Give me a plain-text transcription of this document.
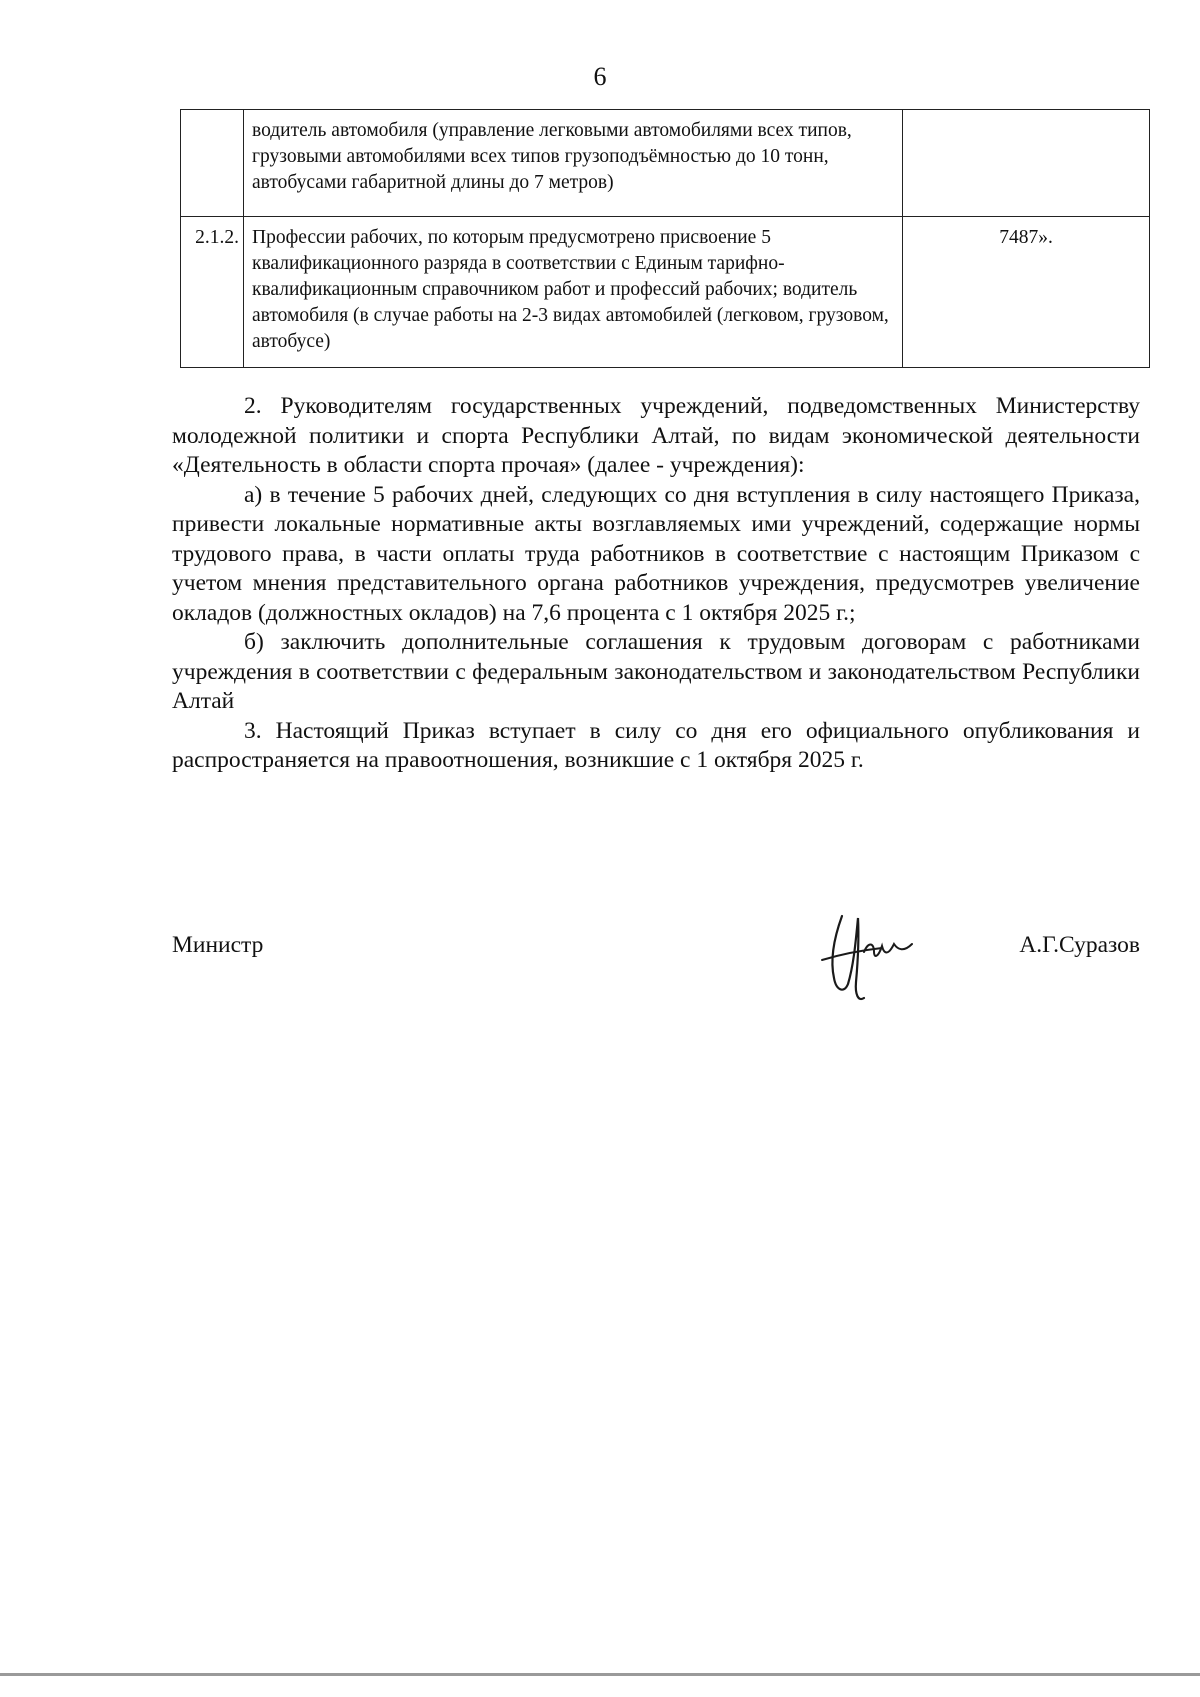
6
	водитель автомобиля (управление легковыми автомобилями всех типов, грузовыми автомобилями всех типов грузоподъёмностью до 10 тонн, автобусами габаритной длины до 7 метров)	
2.1.2.	Профессии рабочих, по которым предусмотрено присвоение 5 квалификационного разряда в соответствии с Единым тарифно-квалификационным справочником работ и профессий рабочих; водитель автомобиля (в случае работы на 2-3 видах автомобилей (легковом, грузовом, автобусе)	7487».

2. Руководителям государственных учреждений, подведомственных Министерству молодежной политики и спорта Республики Алтай, по видам экономической деятельности «Деятельность в области спорта прочая» (далее - учреждения):

а) в течение 5 рабочих дней, следующих со дня вступления в силу настоящего Приказа, привести локальные нормативные акты возглавляемых ими учреждений, содержащие нормы трудового права, в части оплаты труда работников в соответствие с настоящим Приказом с учетом мнения представительного органа работников учреждения, предусмотрев увеличение окладов (должностных окладов) на 7,6 процента с 1 октября 2025 г.;

б) заключить дополнительные соглашения к трудовым договорам с работниками учреждения в соответствии с федеральным законодательством и законодательством Республики Алтай

3. Настоящий Приказ вступает в силу со дня его официального опубликования и распространяется на правоотношения, возникшие с 1 октября 2025 г.

Министр	А.Г.Суразов
